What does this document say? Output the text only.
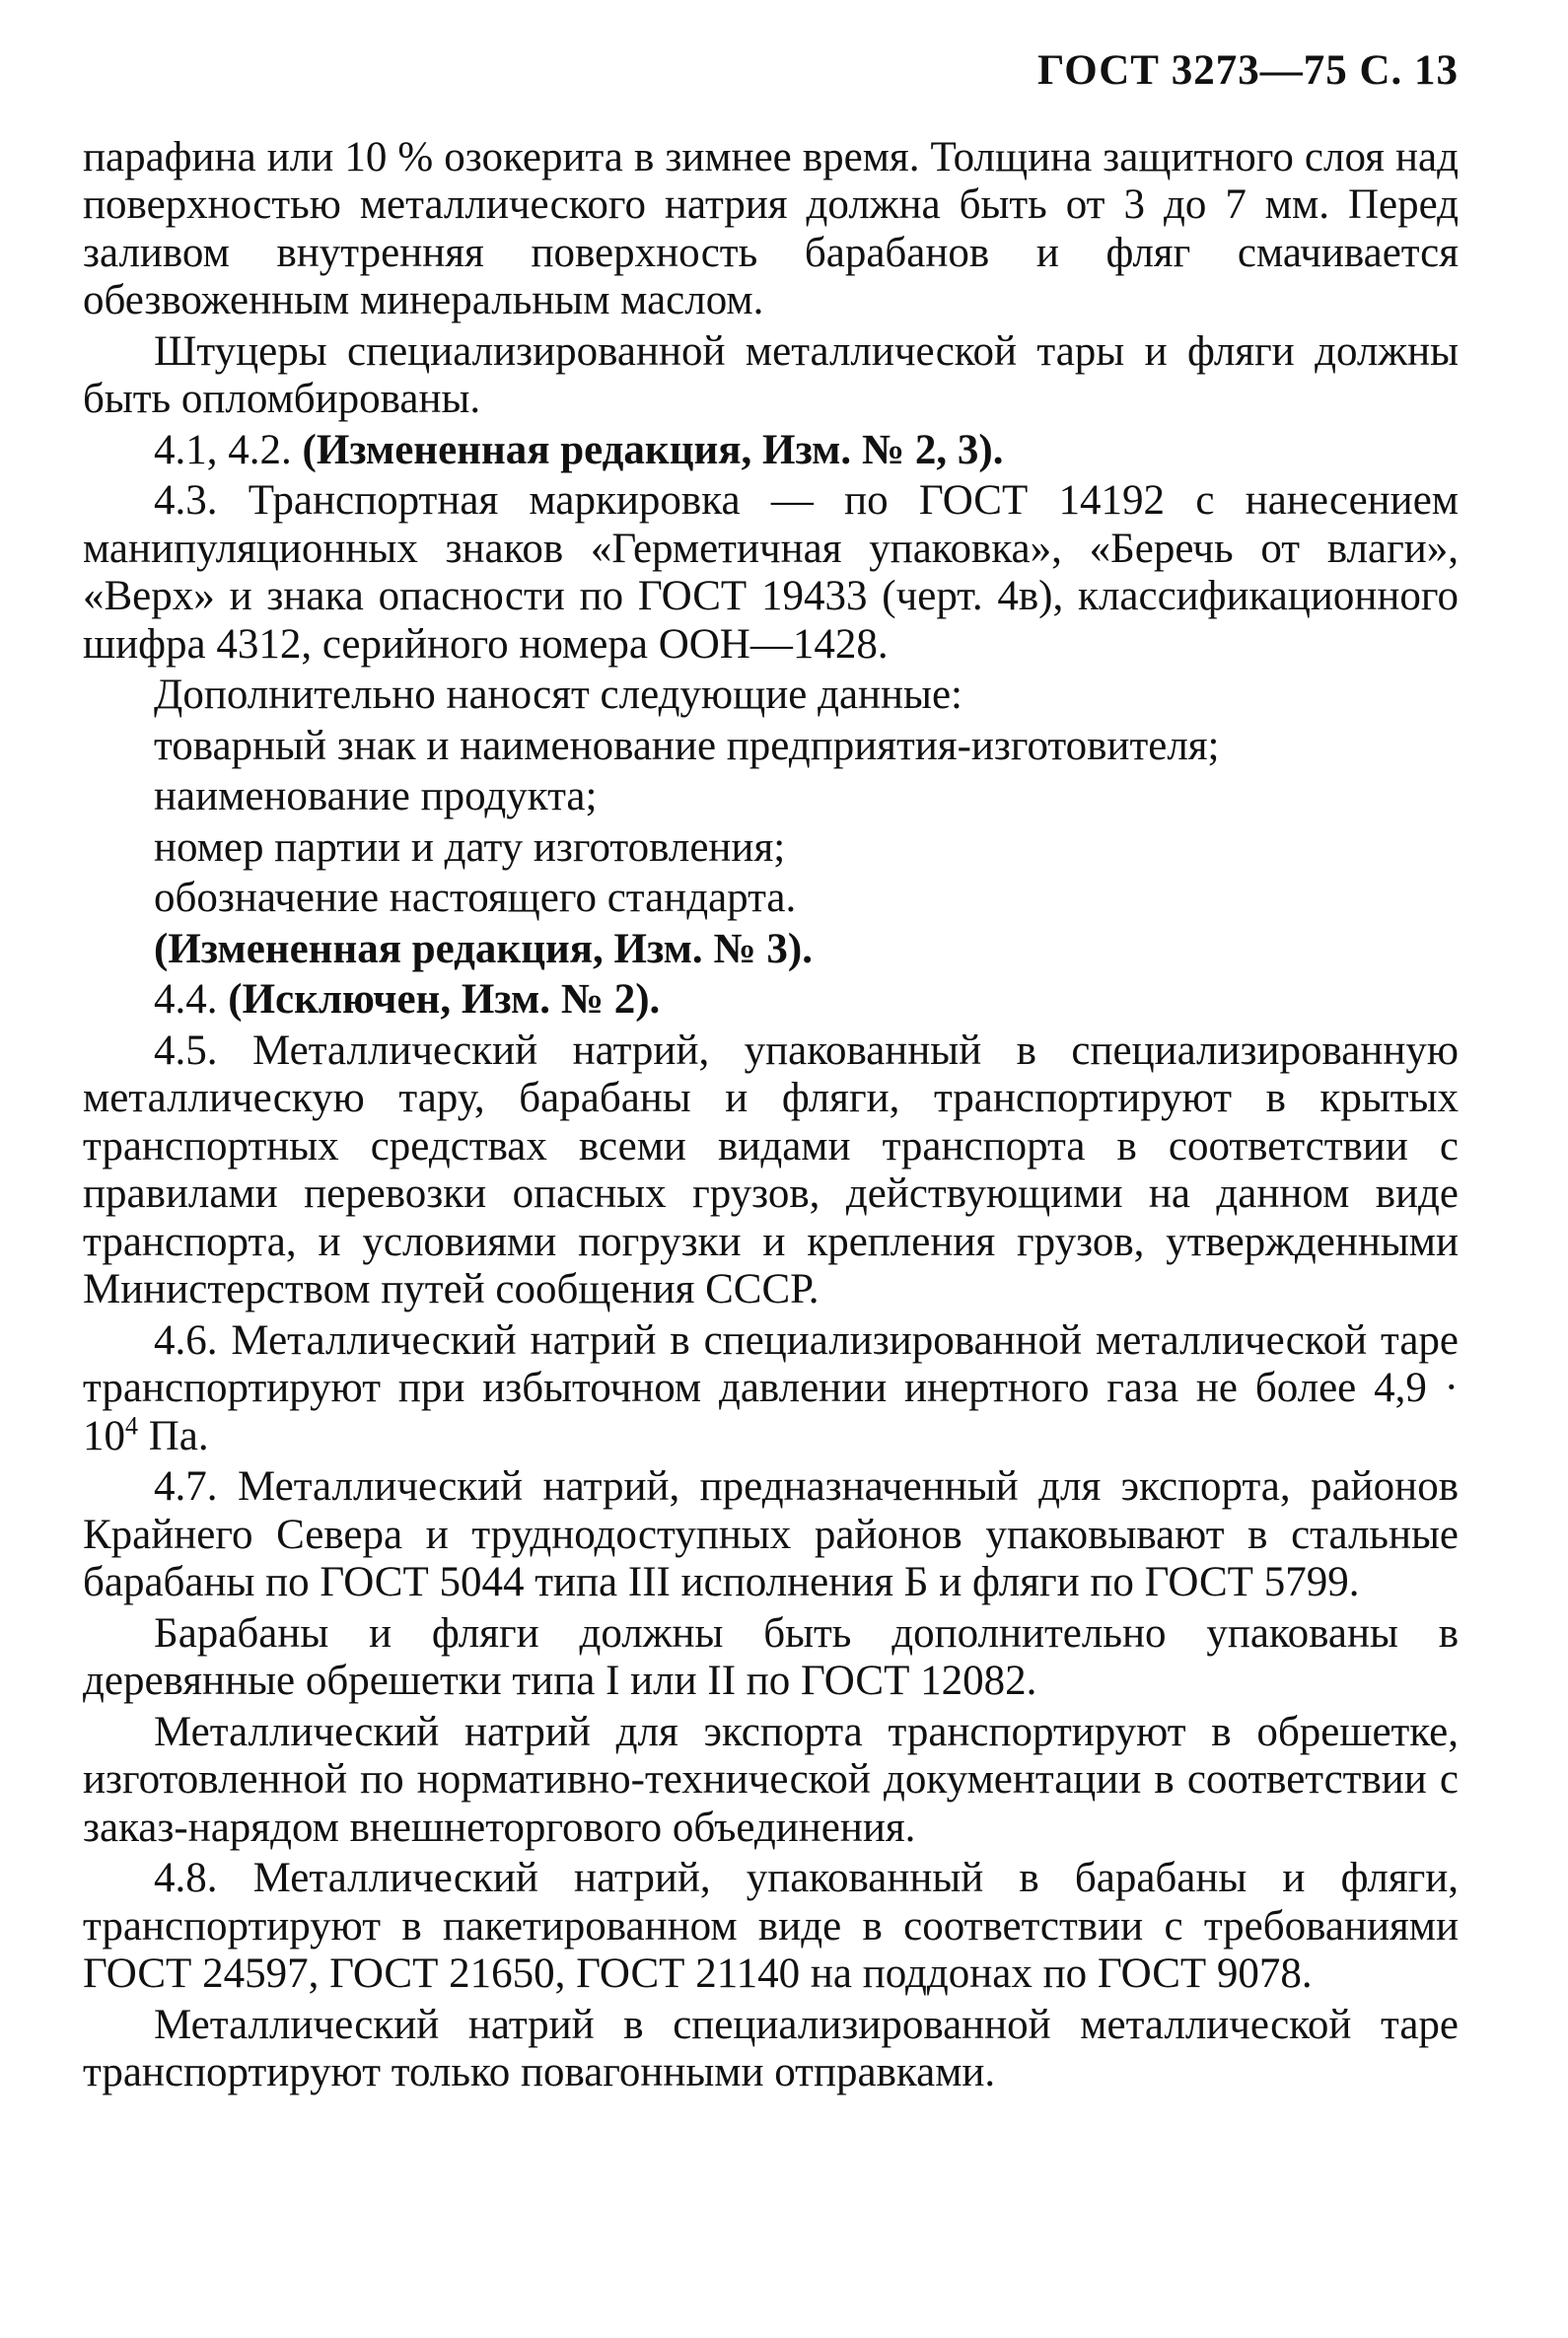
ГОСТ 3273—75 С. 13

парафина или 10 % озокерита в зимнее время. Толщина защитного слоя над поверхностью металлического натрия должна быть от 3 до 7 мм. Перед заливом внутренняя поверхность барабанов и фляг смачивается обезвоженным минеральным маслом.

Штуцеры специализированной металлической тары и фляги должны быть опломбированы.

4.1, 4.2. (Измененная редакция, Изм. № 2, 3).

4.3. Транспортная маркировка — по ГОСТ 14192 с нанесением манипуляционных знаков «Герметичная упаковка», «Беречь от влаги», «Верх» и знака опасности по ГОСТ 19433 (черт. 4в), классификационного шифра 4312, серийного номера ООН—1428.

Дополнительно наносят следующие данные:

товарный знак и наименование предприятия-изготовителя;

наименование продукта;

номер партии и дату изготовления;

обозначение настоящего стандарта.

(Измененная редакция, Изм. № 3).

4.4. (Исключен, Изм. № 2).

4.5. Металлический натрий, упакованный в специализированную металлическую тару, барабаны и фляги, транспортируют в крытых транспортных средствах всеми видами транспорта в соответствии с правилами перевозки опасных грузов, действующими на данном виде транспорта, и условиями погрузки и крепления грузов, утвержденными Министерством путей сообщения СССР.

4.6. Металлический натрий в специализированной металлической таре транспортируют при избыточном давлении инертного газа не более $4,9 \cdot 10^4$ Па.

4.7. Металлический натрий, предназначенный для экспорта, районов Крайнего Севера и труднодоступных районов упаковывают в стальные барабаны по ГОСТ 5044 типа III исполнения Б и фляги по ГОСТ 5799.

Барабаны и фляги должны быть дополнительно упакованы в деревянные обрешетки типа I или II по ГОСТ 12082.

Металлический натрий для экспорта транспортируют в обрешетке, изготовленной по нормативно-технической документации в соответствии с заказ-нарядом внешнеторгового объединения.

4.8. Металлический натрий, упакованный в барабаны и фляги, транспортируют в пакетированном виде в соответствии с требованиями ГОСТ 24597, ГОСТ 21650, ГОСТ 21140 на поддонах по ГОСТ 9078.

Металлический натрий в специализированной металлической таре транспортируют только повагонными отправками.
